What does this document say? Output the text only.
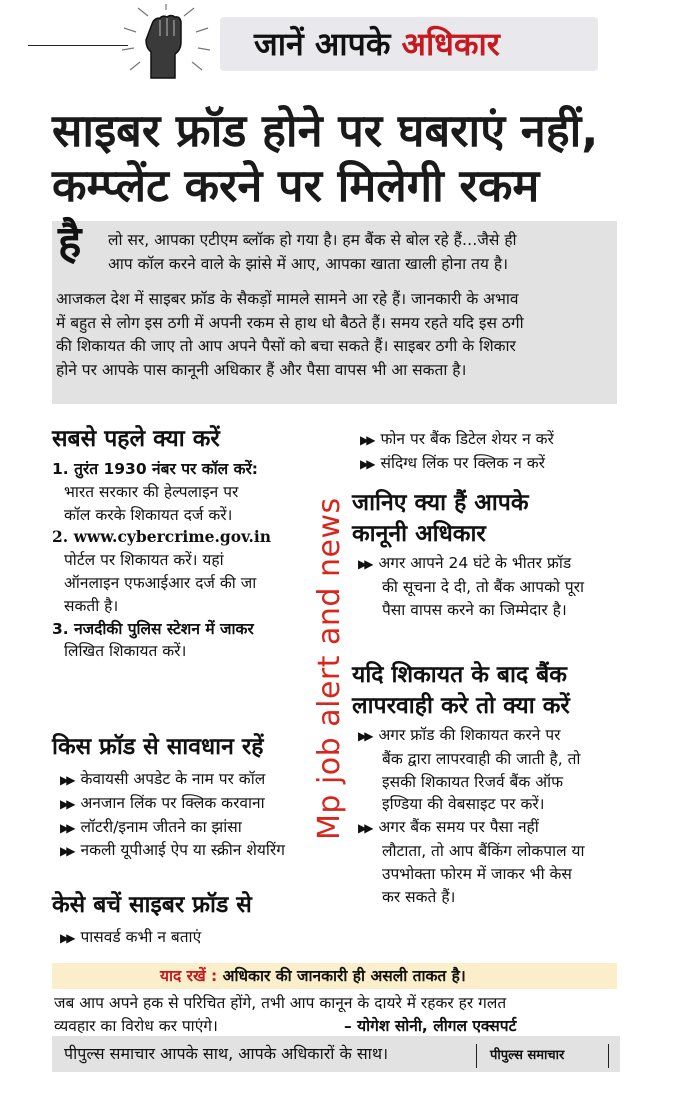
जानें आपके अधिकार
साइबर फ्रॉड होने पर घबराएं नहीं,
कम्प्लेंट करने पर मिलेगी रकम
है लो सर, आपका एटीएम ब्लॉक हो गया है। हम बैंक से बोल रहे हैं…जैसे ही
आप कॉल करने वाले के झांसे में आए, आपका खाता खाली होना तय है।
आजकल देश में साइबर फ्रॉड के सैकड़ों मामले सामने आ रहे हैं। जानकारी के अभाव
में बहुत से लोग इस ठगी में अपनी रकम से हाथ धो बैठते हैं। समय रहते यदि इस ठगी
की शिकायत की जाए तो आप अपने पैसों को बचा सकते हैं। साइबर ठगी के शिकार
होने पर आपके पास कानूनी अधिकार हैं और पैसा वापस भी आ सकता है।
सबसे पहले क्या करें
1. तुरंत 1930 नंबर पर कॉल करें:
भारत सरकार की हेल्पलाइन पर
कॉल करके शिकायत दर्ज करें।
2. www.cybercrime.gov.in
पोर्टल पर शिकायत करें। यहां
ऑनलाइन एफआईआर दर्ज की जा
सकती है।
3. नजदीकी पुलिस स्टेशन में जाकर
लिखित शिकायत करें।
किस फ्रॉड से सावधान रहें
▶▶ केवायसी अपडेट के नाम पर कॉल
▶▶ अनजान लिंक पर क्लिक करवाना
▶▶ लॉटरी/इनाम जीतने का झांसा
▶▶ नकली यूपीआई ऐप या स्क्रीन शेयरिंग
केसे बचें साइबर फ्रॉड से
▶▶ पासवर्ड कभी न बताएं
Mp job alert and news
▶▶ फोन पर बैंक डिटेल शेयर न करें
▶▶ संदिग्ध लिंक पर क्लिक न करें
जानिए क्या हैं आपके
कानूनी अधिकार
▶▶ अगर आपने 24 घंटे के भीतर फ्रॉड
की सूचना दे दी, तो बैंक आपको पूरा
पैसा वापस करने का जिम्मेदार है।
यदि शिकायत के बाद बैंक
लापरवाही करे तो क्या करें
▶▶ अगर फ्रॉड की शिकायत करने पर
बैंक द्वारा लापरवाही की जाती है, तो
इसकी शिकायत रिजर्व बैंक ऑफ
इण्डिया की वेबसाइट पर करें।
▶▶ अगर बैंक समय पर पैसा नहीं
लौटाता, तो आप बैंकिंग लोकपाल या
उपभोक्ता फोरम में जाकर भी केस
कर सकते हैं।
याद रखें : अधिकार की जानकारी ही असली ताकत है।
जब आप अपने हक से परिचित होंगे, तभी आप कानून के दायरे में रहकर हर गलत
व्यवहार का विरोध कर पाएंगे।	– योगेश सोनी, लीगल एक्सपर्ट
पीपुल्स समाचार आपके साथ, आपके अधिकारों के साथ।	पीपुल्स समाचार
